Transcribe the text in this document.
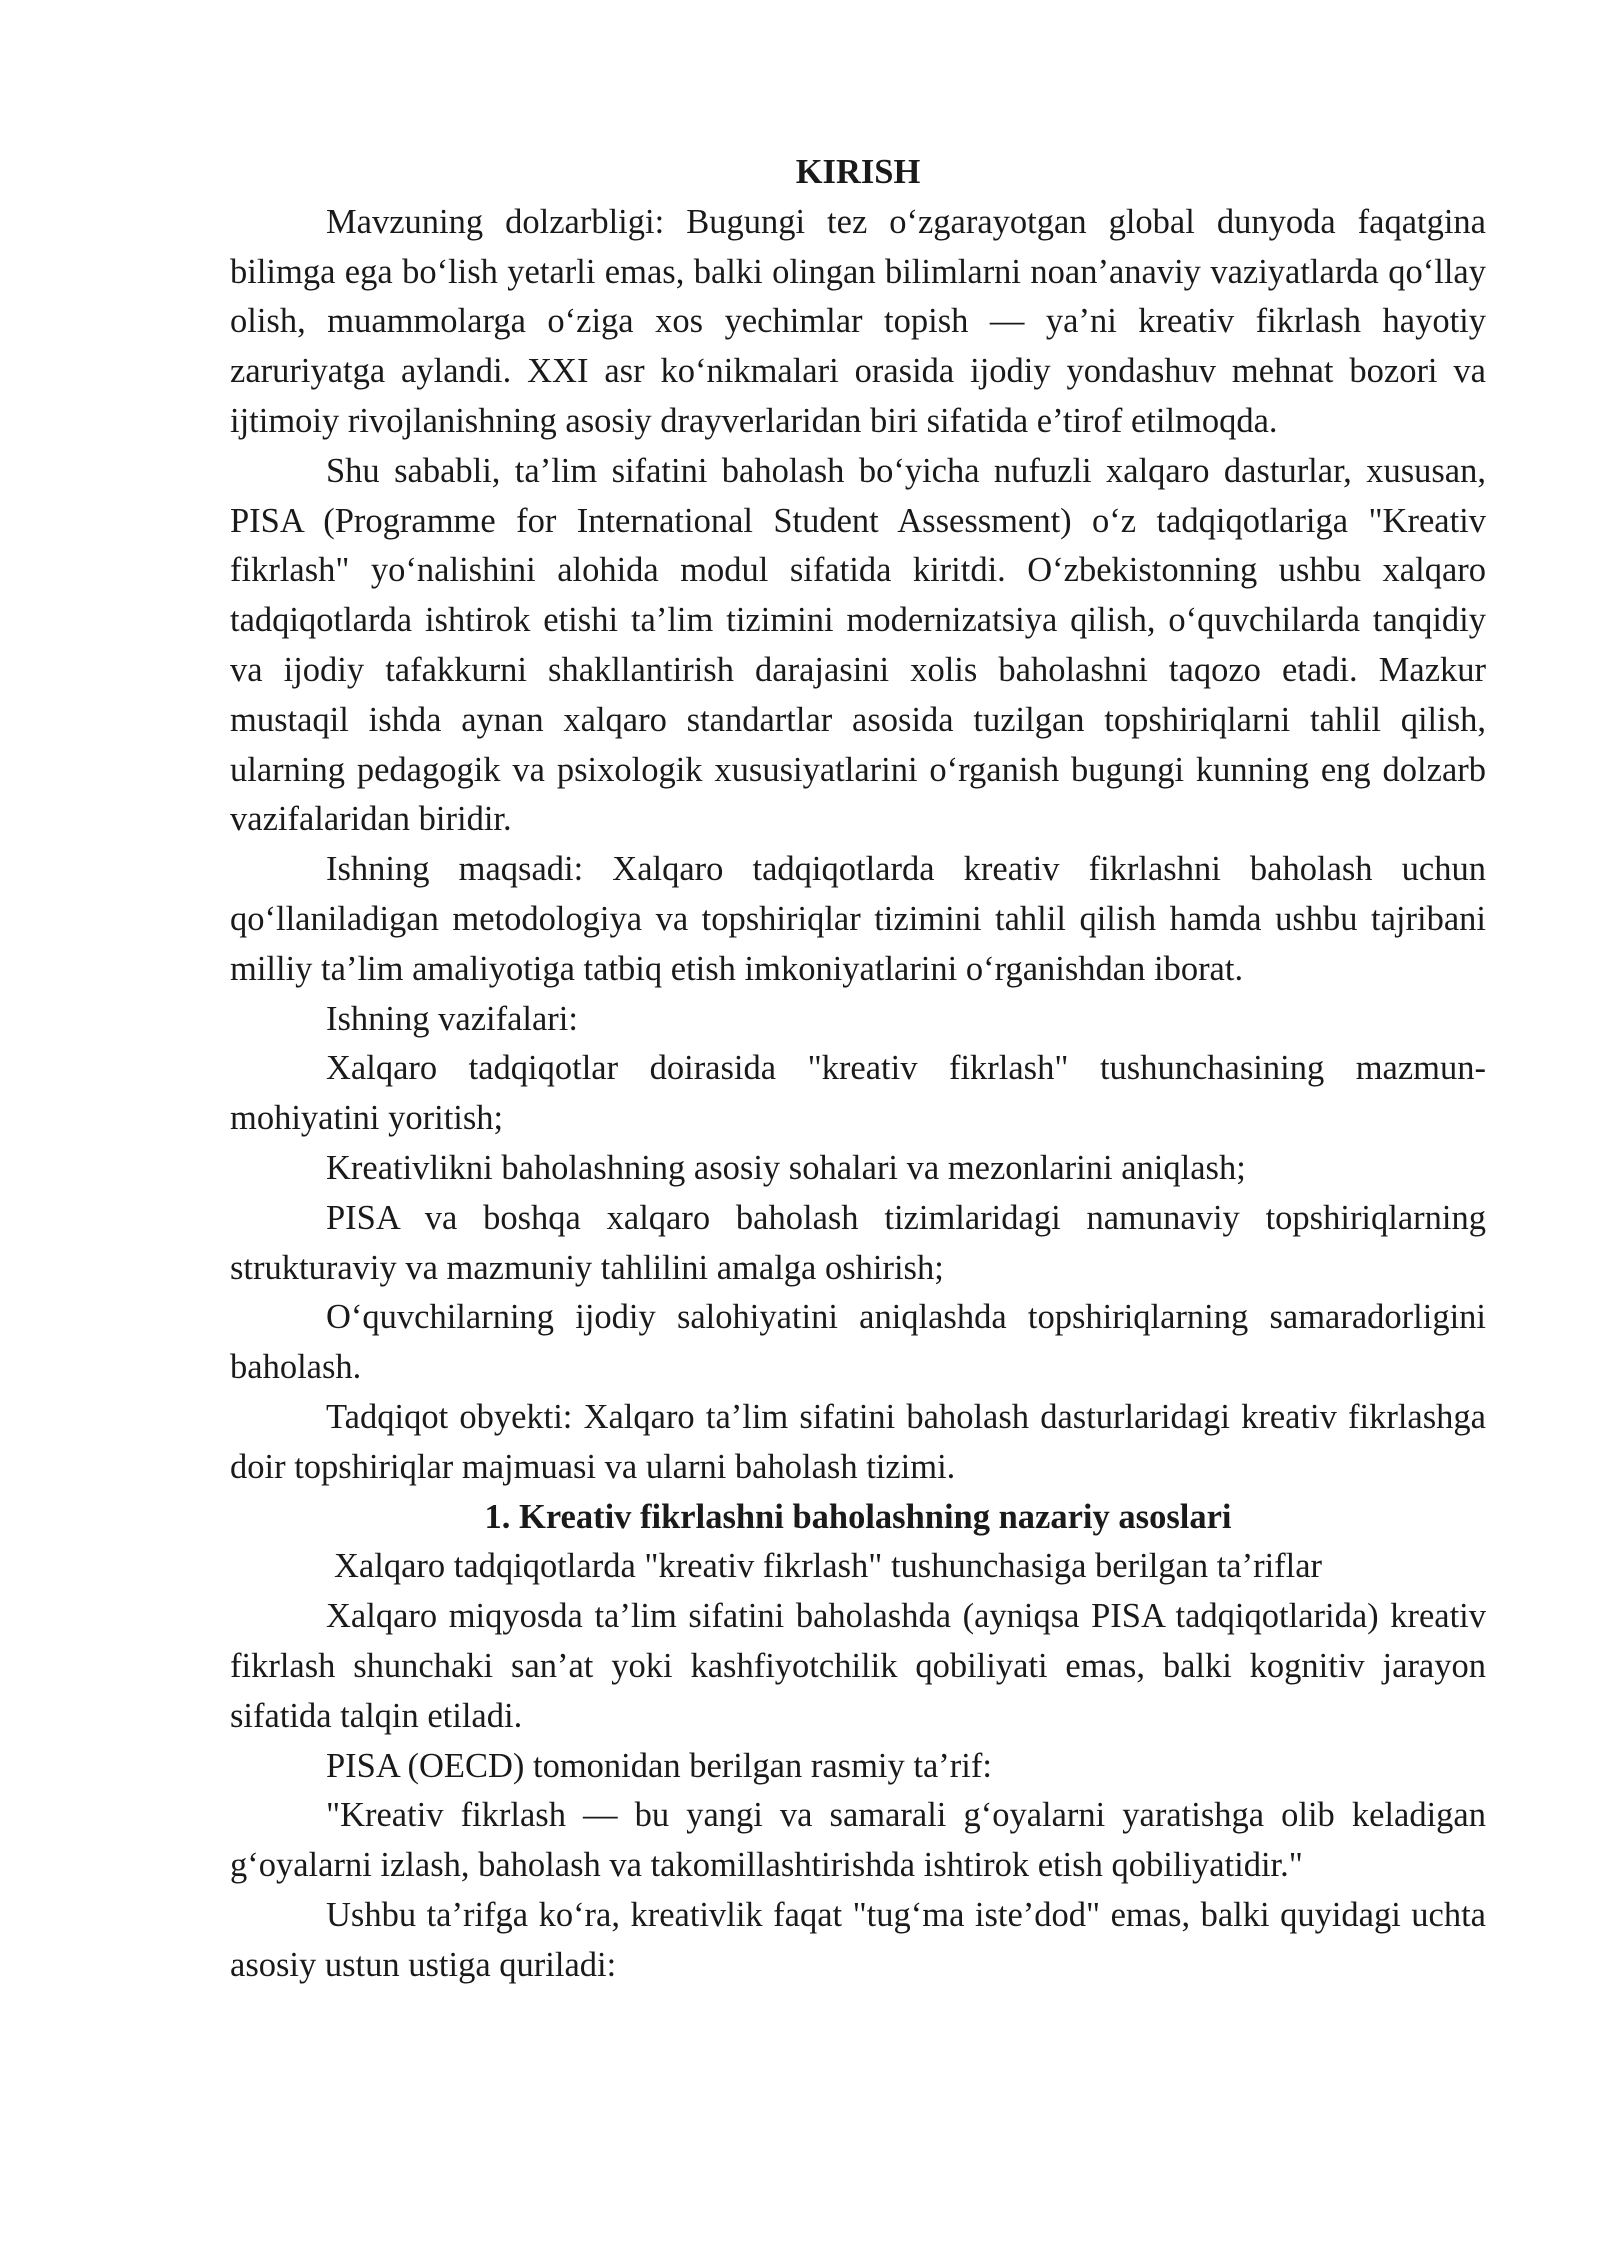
KIRISH

Mavzuning dolzarbligi: Bugungi tez o‘zgarayotgan global dunyoda faqatgina bilimga ega bo‘lish yetarli emas, balki olingan bilimlarni noan’anaviy vaziyatlarda qo‘llay olish, muammolarga o‘ziga xos yechimlar topish — ya’ni kreativ fikrlash hayotiy zaruriyatga aylandi. XXI asr ko‘nikmalari orasida ijodiy yondashuv mehnat bozori va ijtimoiy rivojlanishning asosiy drayverlaridan biri sifatida e’tirof etilmoqda.

Shu sababli, ta’lim sifatini baholash bo‘yicha nufuzli xalqaro dasturlar, xususan, PISA (Programme for International Student Assessment) o‘z tadqiqotlariga "Kreativ fikrlash" yo‘nalishini alohida modul sifatida kiritdi. O‘zbekistonning ushbu xalqaro tadqiqotlarda ishtirok etishi ta’lim tizimini modernizatsiya qilish, o‘quvchilarda tanqidiy va ijodiy tafakkurni shakllantirish darajasini xolis baholashni taqozo etadi. Mazkur mustaqil ishda aynan xalqaro standartlar asosida tuzilgan topshiriqlarni tahlil qilish, ularning pedagogik va psixologik xususiyatlarini o‘rganish bugungi kunning eng dolzarb vazifalaridan biridir.

Ishning maqsadi: Xalqaro tadqiqotlarda kreativ fikrlashni baholash uchun qo‘llaniladigan metodologiya va topshiriqlar tizimini tahlil qilish hamda ushbu tajribani milliy ta’lim amaliyotiga tatbiq etish imkoniyatlarini o‘rganishdan iborat.

Ishning vazifalari:

Xalqaro tadqiqotlar doirasida "kreativ fikrlash" tushunchasining mazmun-mohiyatini yoritish;

Kreativlikni baholashning asosiy sohalari va mezonlarini aniqlash;

PISA va boshqa xalqaro baholash tizimlaridagi namunaviy topshiriqlarning strukturaviy va mazmuniy tahlilini amalga oshirish;

O‘quvchilarning ijodiy salohiyatini aniqlashda topshiriqlarning samaradorligini baholash.

Tadqiqot obyekti: Xalqaro ta’lim sifatini baholash dasturlaridagi kreativ fikrlashga doir topshiriqlar majmuasi va ularni baholash tizimi.

1. Kreativ fikrlashni baholashning nazariy asoslari

Xalqaro tadqiqotlarda "kreativ fikrlash" tushunchasiga berilgan ta’riflar

Xalqaro miqyosda ta’lim sifatini baholashda (ayniqsa PISA tadqiqotlarida) kreativ fikrlash shunchaki san’at yoki kashfiyotchilik qobiliyati emas, balki kognitiv jarayon sifatida talqin etiladi.

PISA (OECD) tomonidan berilgan rasmiy ta’rif:

"Kreativ fikrlash — bu yangi va samarali g‘oyalarni yaratishga olib keladigan g‘oyalarni izlash, baholash va takomillashtirishda ishtirok etish qobiliyatidir."

Ushbu ta’rifga ko‘ra, kreativlik faqat "tug‘ma iste’dod" emas, balki quyidagi uchta asosiy ustun ustiga quriladi:
